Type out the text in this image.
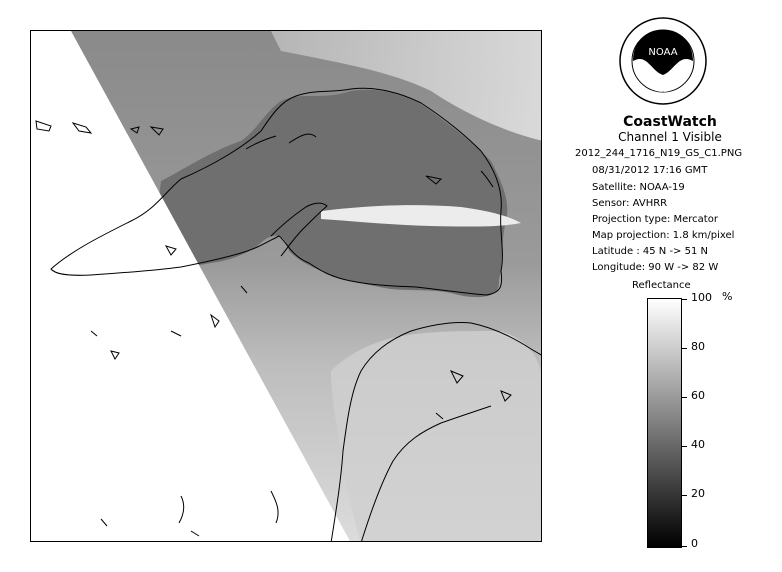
NOAA
CoastWatch
Channel 1 Visible
2012_244_1716_N19_GS_C1.PNG
08/31/2012 17:16 GMT
Satellite: NOAA-19
Sensor: AVHRR
Projection type: Mercator
Map projection: 1.8 km/pixel
Latitude : 45 N -> 51 N
Longitude: 90 W -> 82 W
Reflectance
%
100
80
60
40
20
0
